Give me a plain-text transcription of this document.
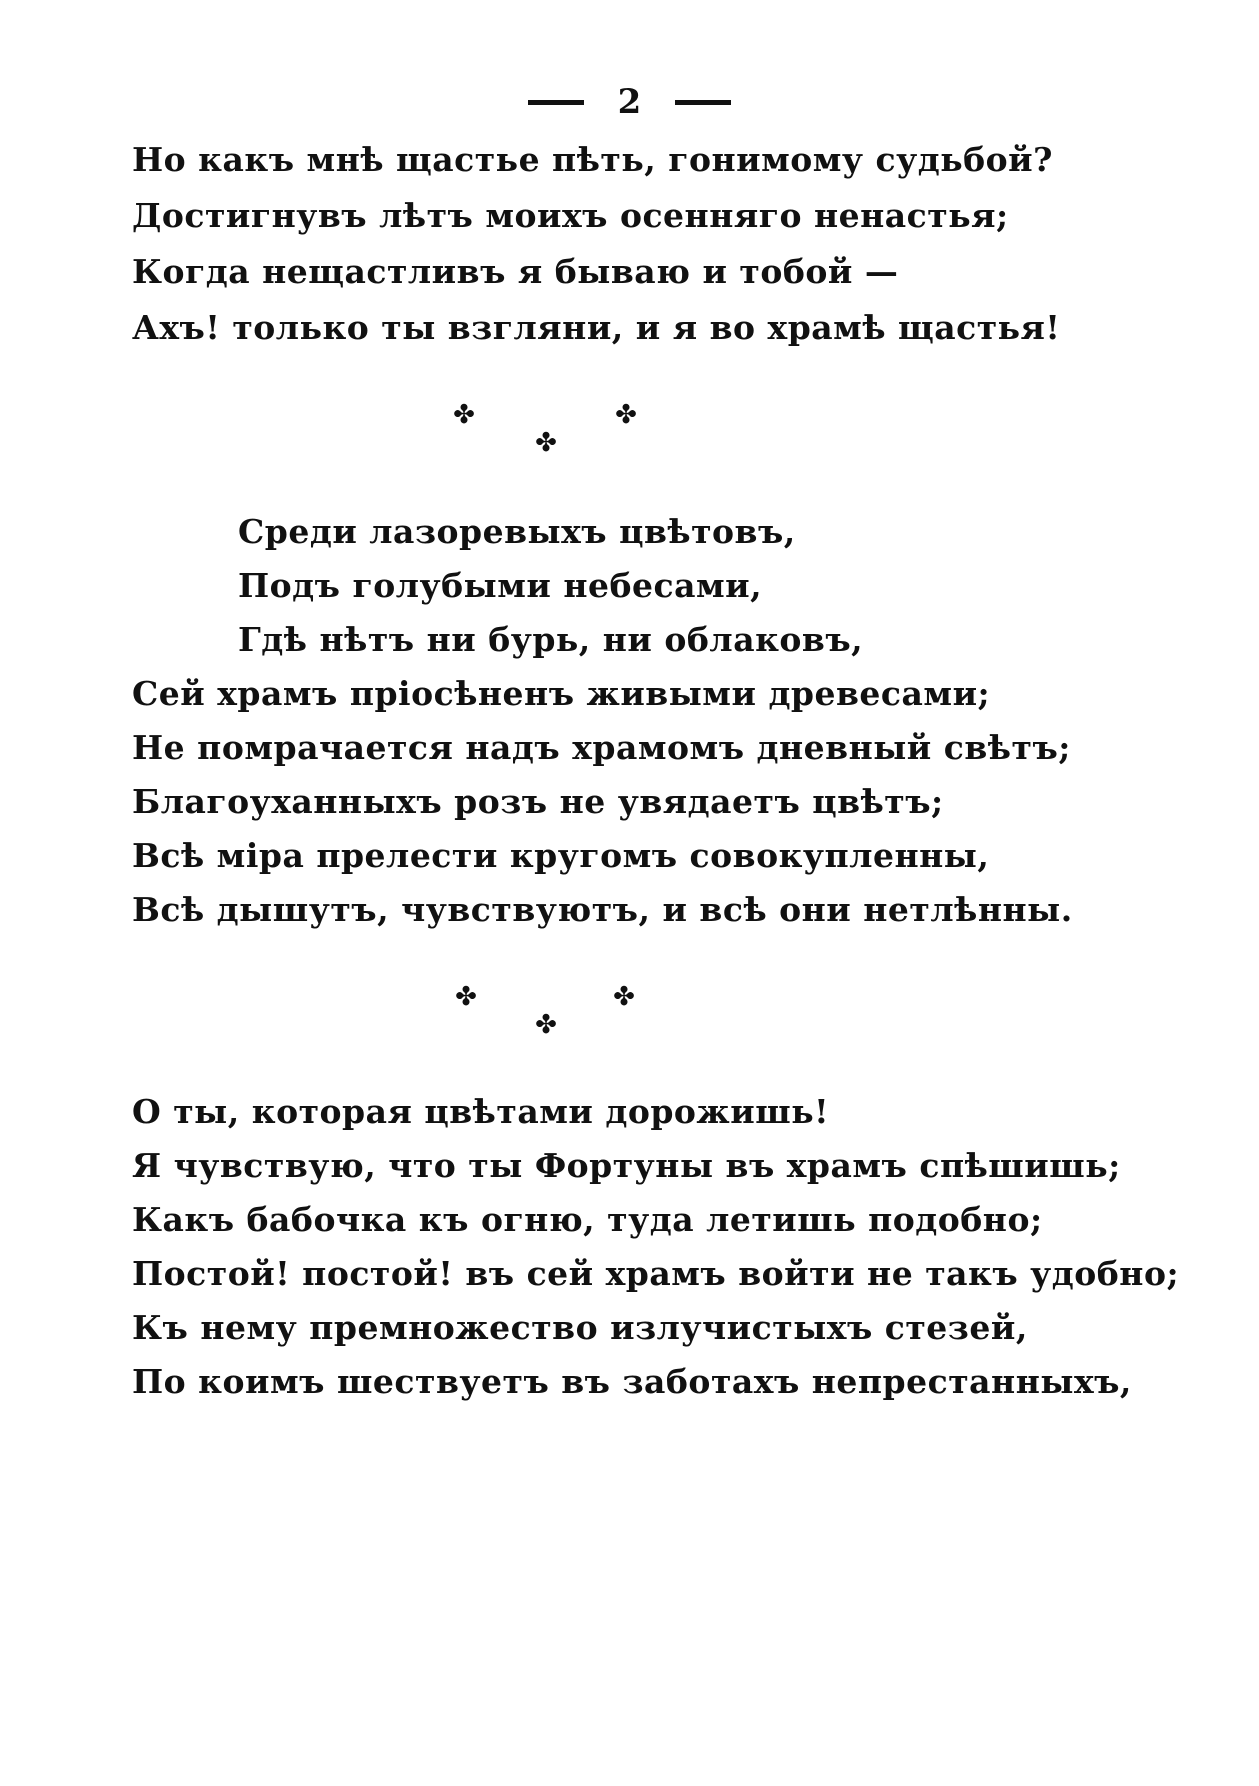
2
Но какъ мнѣ щастье пѣть, гонимому судьбой?
Достигнувъ лѣтъ моихъ осенняго ненастья;
Когда нещастливъ я бываю и тобой —
Ахъ! только ты взгляни, и я во храмѣ щастья!
✤	✤
✤
Среди лазоревыхъ цвѣтовъ,
Подъ голубыми небесами,
Гдѣ нѣтъ ни бурь, ни облаковъ,
Сей храмъ пріосѣненъ живыми древесами;
Не помрачается надъ храмомъ дневный свѣтъ;
Благоуханныхъ розъ не увядаетъ цвѣтъ;
Всѣ міра прелести кругомъ совокупленны,
Всѣ дышутъ, чувствуютъ, и всѣ они нетлѣнны.
✤	✤
✤
О ты, которая цвѣтами дорожишь!
Я чувствую, что ты Фортуны въ храмъ спѣшишь;
Какъ бабочка къ огню, туда летишь подобно;
Постой! постой! въ сей храмъ войти не такъ удобно;
Къ нему премножество излучистыхъ стезей,
По коимъ шествуетъ въ заботахъ непрестанныхъ,
